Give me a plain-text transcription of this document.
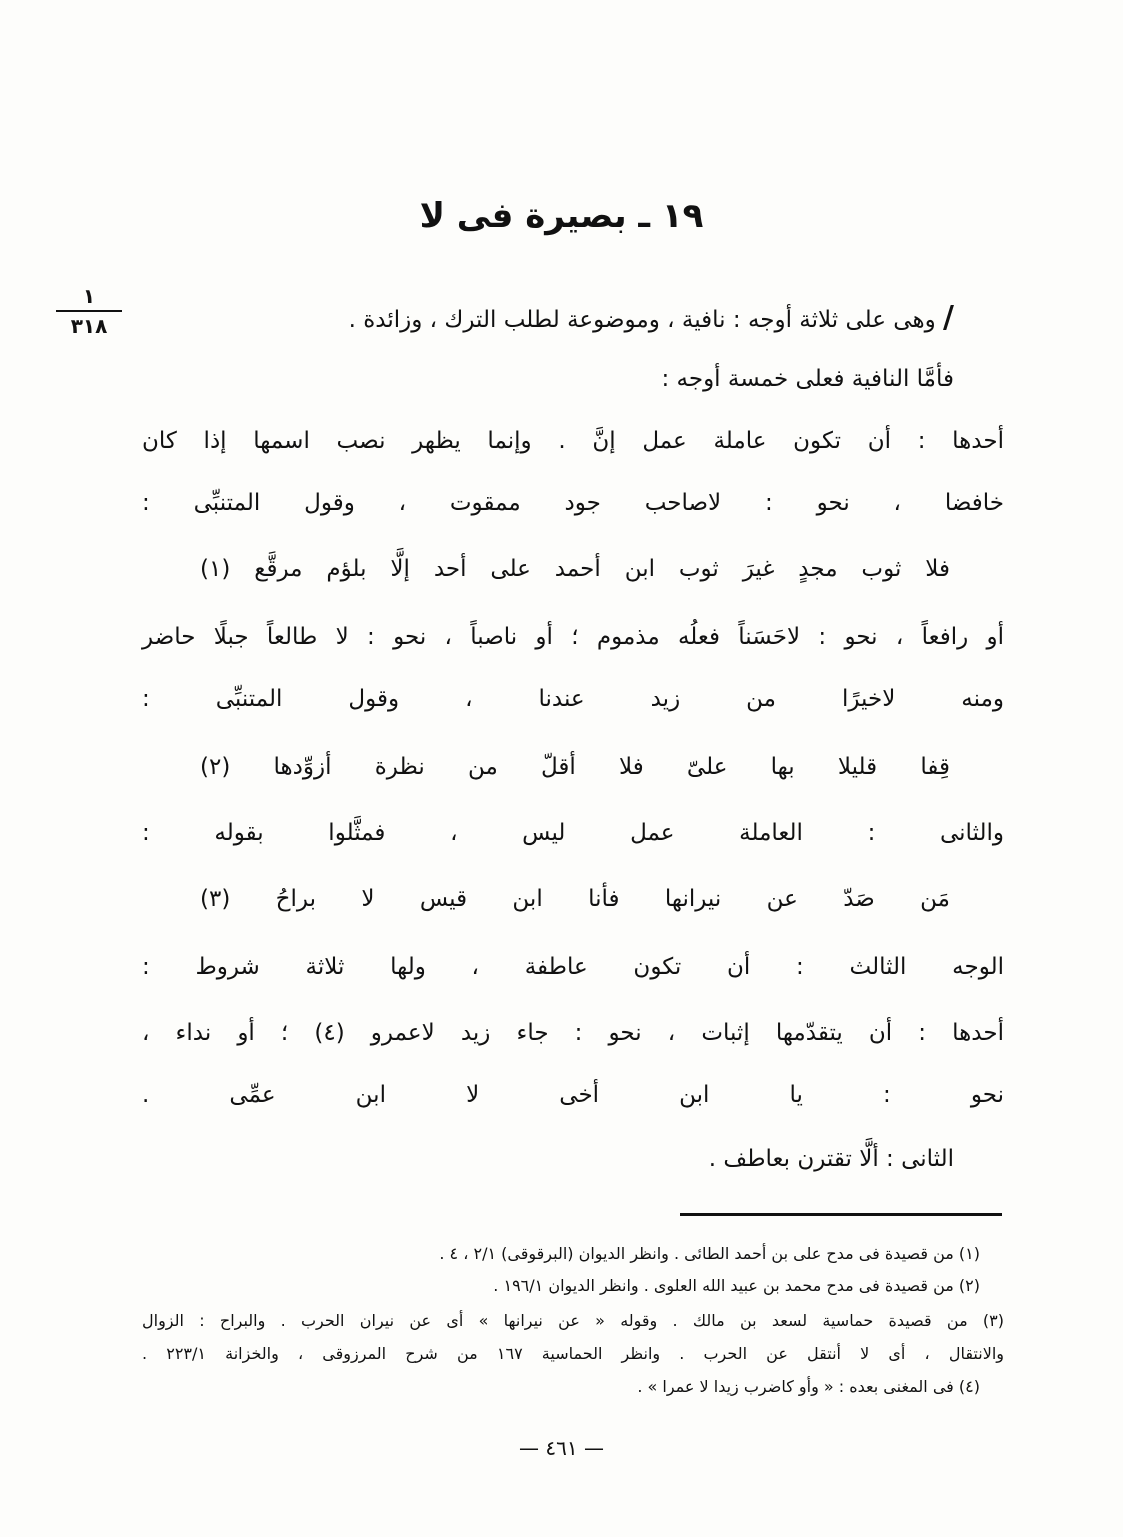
١٩ ـ بصيرة فى لا
١
٣١٨	/ وهى على ثلاثة أوجه : نافية ، وموضوعة لطلب الترك ، وزائدة .
فأمَّا النافية فعلى خمسة أوجه :
أحدها : أن تكون عاملة عمل إنَّ . وإنما يظهر نصب اسمها إذا كان
خافضا ، نحو : لاصاحب جود ممقوت ، وقول المتنبِّى :
فلا ثوب مجدٍ غيرَ ثوب ابن أحمد على أحد إلَّا بلؤم مرقَّع (١)
أو رافعاً ، نحو : لاحَسَناً فعلُه مذموم ؛ أو ناصباً ، نحو : لا طالعاً جبلًا حاضر
ومنه لاخيرًا من زيد عندنا ، وقول المتنبِّى :
قِفا قليلا بها علىّ فلا أقلّ من نظرة أزوِّدها (٢)
والثانى : العاملة عمل ليس ، فمثَّلوا بقوله :
مَن صَدّ عن نيرانها فأنا ابن قيس لا براحُ (٣)
الوجه الثالث : أن تكون عاطفة ، ولها ثلاثة شروط :
أحدها : أن يتقدّمها إثبات ، نحو : جاء زيد لاعمرو (٤) ؛ أو نداء ،
نحو : يا ابن أخى لا ابن عمِّى .
الثانى : ألَّا تقترن بعاطف .
(١) من قصيدة فى مدح على بن أحمد الطائى . وانظر الديوان (البرقوقى) ٢/١ ، ٤ .
(٢) من قصيدة فى مدح محمد بن عبيد الله العلوى . وانظر الديوان ١٩٦/١ .
(٣) من قصيدة حماسية لسعد بن مالك . وقوله « عن نيرانها » أى عن نيران الحرب . والبراح : الزوال
والانتقال ، أى لا أنتقل عن الحرب . وانظر الحماسية ١٦٧ من شرح المرزوقى ، والخزانة ٢٢٣/١ .
(٤) فى المغنى بعده : « وأو كاضرب زيدا لا عمرا » .
— ٤٦١ —
